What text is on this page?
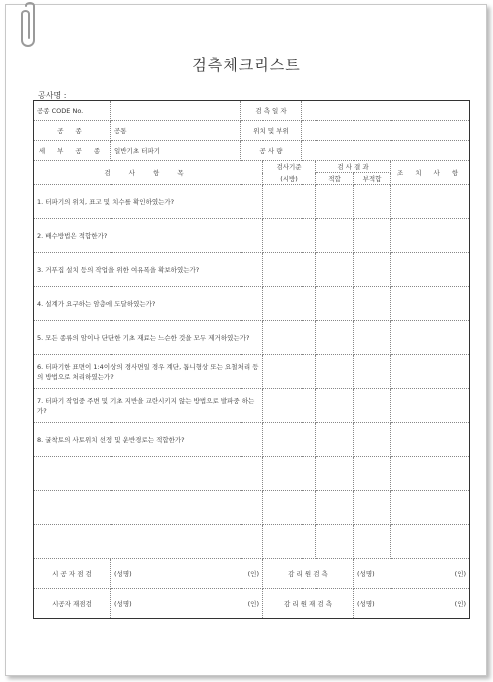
검측체크리스트
공사명 :
공종 CODE No.		검 측 일 자					
공 종	공통	위치 및 부위					
세 부 공 종	일반기초 터파기	공 사 량					
검 사 항 목			검사기준		검 사 결 과		조 치 사 항
			(시방)		적합	부적합	
1. 터파기의 위치, 표고 및 치수를 확인하였는가?							
2. 배수방법은 적합한가?							
3. 거푸집 설치 등의 작업을 위한 여유폭을 확보하였는가?							
4. 설계가 요구하는 암층에 도달하였는가?							
5. 모든 종류의 암이나 단단한 기초 재료는 느슨한 것을 모두 제거하였는가?							
6. 터파기한 표면이 1:4이상의 경사면일 경우 계단, 톱니형상 또는 요철처리 등의 방법으로 처리하였는가?							
7. 터파기 작업중 주변 및 기초 지반을 교란시키지 않는 방법으로 발파중 하는가?							
8. 굴착토의 사토위치 선정 및 운반경로는 적합한가?							

시 공 자 점 검	(성명) (인)		감 리 원 검 측			(성명) (인)	

시공자 재점검	(성명) (인)		감 리 원 재 검 측			(성명) (인)	
